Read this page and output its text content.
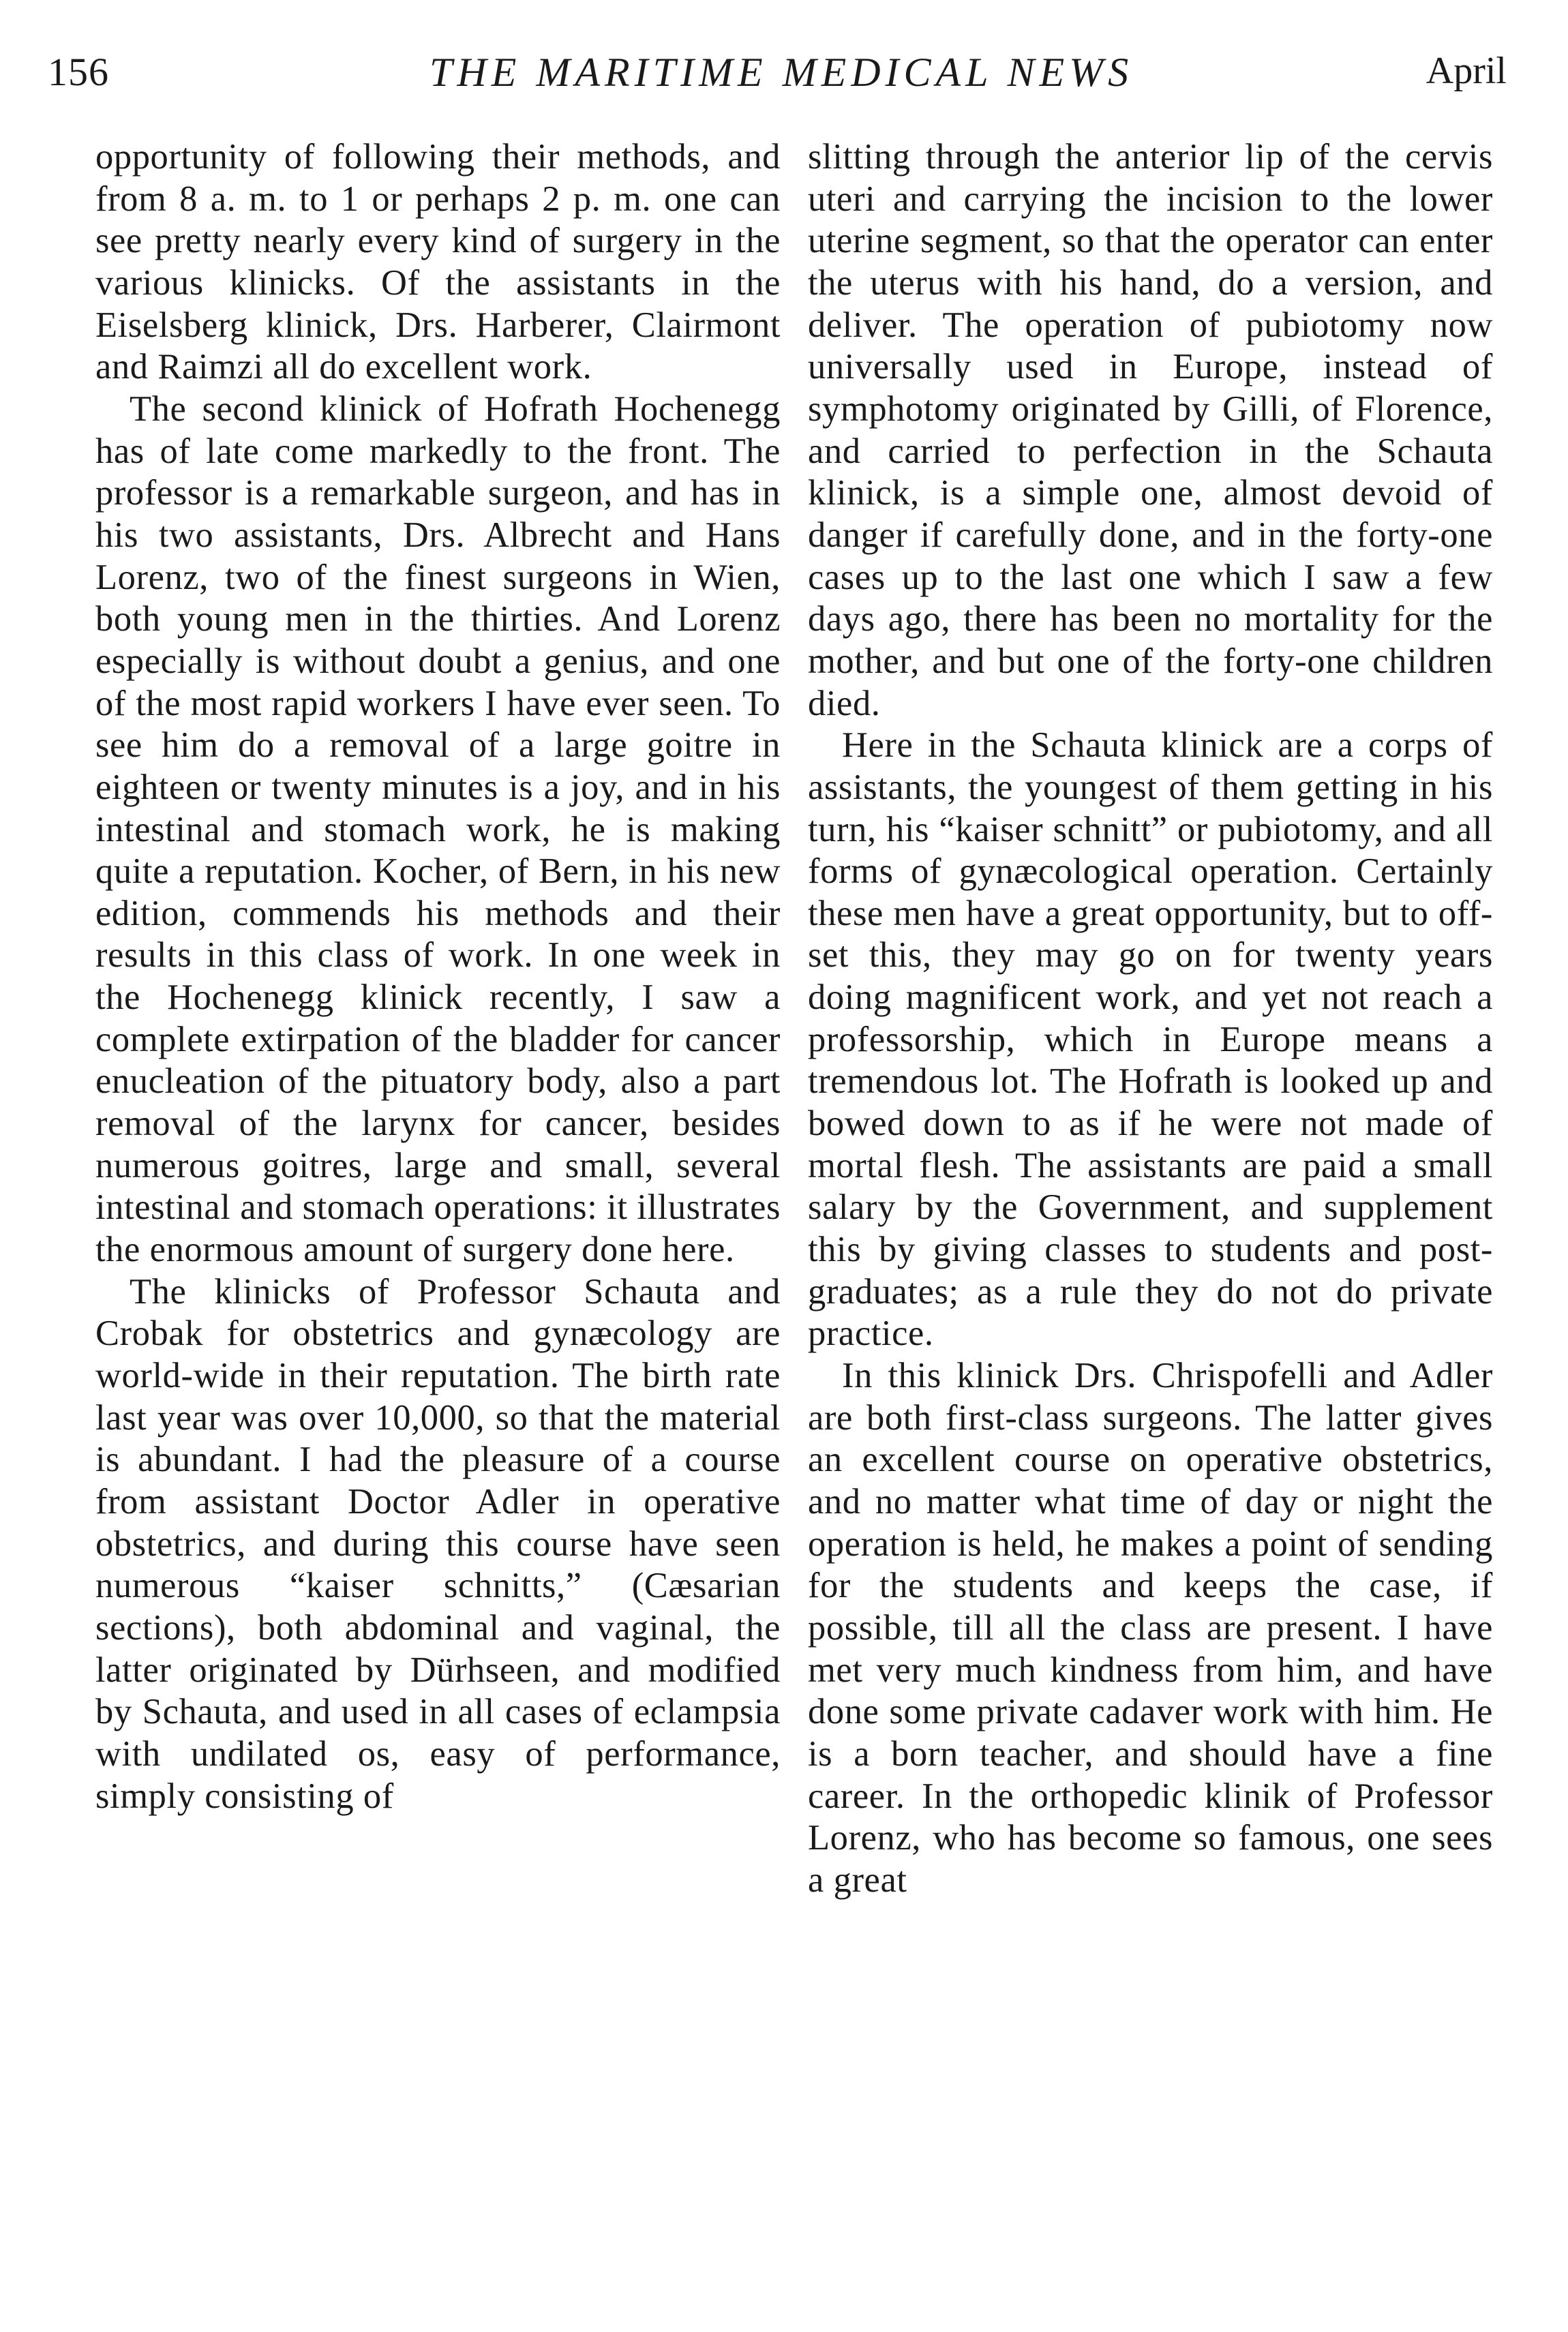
156	THE MARITIME MEDICAL NEWS	April

opportunity of following their methods, and from 8 a. m. to 1 or perhaps 2 p. m. one can see pretty nearly every kind of surgery in the various klinicks. Of the assistants in the Eiselsberg klinick, Drs. Harberer, Clairmont and Raimzi all do excellent work.

The second klinick of Hofrath Hochenegg has of late come markedly to the front. The professor is a remarkable surgeon, and has in his two assistants, Drs. Albrecht and Hans Lorenz, two of the finest surgeons in Wien, both young men in the thirties. And Lorenz especially is without doubt a genius, and one of the most rapid workers I have ever seen. To see him do a removal of a large goitre in eighteen or twenty minutes is a joy, and in his intestinal and stomach work, he is making quite a reputation. Kocher, of Bern, in his new edition, commends his methods and their results in this class of work. In one week in the Hochenegg klinick recently, I saw a complete extirpation of the bladder for cancer enucleation of the pituatory body, also a part removal of the larynx for cancer, besides numerous goitres, large and small, several intestinal and stomach operations: it illustrates the enormous amount of surgery done here.

The klinicks of Professor Schauta and Crobak for obstetrics and gynæcology are world-wide in their reputation. The birth rate last year was over 10,000, so that the material is abundant. I had the pleasure of a course from assistant Doctor Adler in operative obstetrics, and during this course have seen numerous “kaiser schnitts,” (Cæsarian sections), both abdominal and vaginal, the latter originated by Dürhseen, and modified by Schauta, and used in all cases of eclampsia with undilated os, easy of performance, simply consisting of

slitting through the anterior lip of the cervis uteri and carrying the incision to the lower uterine segment, so that the operator can enter the uterus with his hand, do a version, and deliver. The operation of pubiotomy now universally used in Europe, instead of symphotomy originated by Gilli, of Florence, and carried to perfection in the Schauta klinick, is a simple one, almost devoid of danger if carefully done, and in the forty-one cases up to the last one which I saw a few days ago, there has been no mortality for the mother, and but one of the forty-one children died.

Here in the Schauta klinick are a corps of assistants, the youngest of them getting in his turn, his “kaiser schnitt” or pubiotomy, and all forms of gynæcological operation. Certainly these men have a great opportunity, but to off-set this, they may go on for twenty years doing magnificent work, and yet not reach a professorship, which in Europe means a tremendous lot. The Hofrath is looked up and bowed down to as if he were not made of mortal flesh. The assistants are paid a small salary by the Government, and supplement this by giving classes to students and post-graduates; as a rule they do not do private practice.

In this klinick Drs. Chrispofelli and Adler are both first-class surgeons. The latter gives an excellent course on operative obstetrics, and no matter what time of day or night the operation is held, he makes a point of sending for the students and keeps the case, if possible, till all the class are present. I have met very much kindness from him, and have done some private cadaver work with him. He is a born teacher, and should have a fine career. In the orthopedic klinik of Professor Lorenz, who has become so famous, one sees a great
